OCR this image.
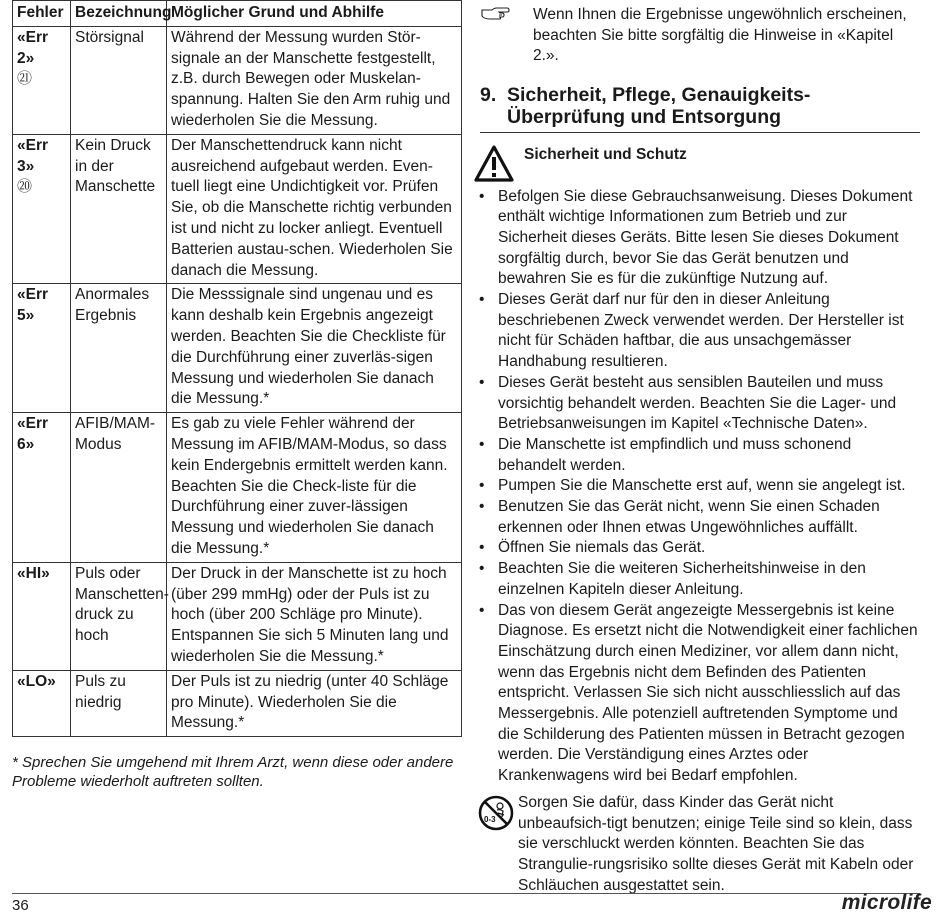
Fehler	Bezeichnung	Möglicher Grund und Abhilfe

«Err 2»
㉑	Störsignal	Während der Messung wurden Stör-signale an der Manschette festgestellt, z.B. durch Bewegen oder Muskelan-spannung. Halten Sie den Arm ruhig und wiederholen Sie die Messung.

«Err 3»
⑳	Kein Druck in der Manschette	Der Manschettendruck kann nicht ausreichend aufgebaut werden. Even-tuell liegt eine Undichtigkeit vor. Prüfen Sie, ob die Manschette richtig verbunden ist und nicht zu locker anliegt. Eventuell Batterien austau-schen. Wiederholen Sie danach die Messung.

«Err 5»	Anormales Ergebnis	Die Messsignale sind ungenau und es kann deshalb kein Ergebnis angezeigt werden. Beachten Sie die Checkliste für die Durchführung einer zuverläs-sigen Messung und wiederholen Sie danach die Messung.*

«Err 6»	AFIB/MAM-Modus	Es gab zu viele Fehler während der Messung im AFIB/MAM-Modus, so dass kein Endergebnis ermittelt werden kann. Beachten Sie die Check-liste für die Durchführung einer zuver-lässigen Messung und wiederholen Sie danach die Messung.*

«HI»	Puls oder Manschetten-druck zu hoch	Der Druck in der Manschette ist zu hoch (über 299 mmHg) oder der Puls ist zu hoch (über 200 Schläge pro Minute). Entspannen Sie sich 5 Minuten lang und wiederholen Sie die Messung.*

«LO»	Puls zu niedrig	Der Puls ist zu niedrig (unter 40 Schläge pro Minute). Wiederholen Sie die Messung.*
* Sprechen Sie umgehend mit Ihrem Arzt, wenn diese oder andere Probleme wiederholt auftreten sollten.
Wenn Ihnen die Ergebnisse ungewöhnlich erscheinen, beachten Sie bitte sorgfältig die Hinweise in «Kapitel 2.».
9. Sicherheit, Pflege, Genauigkeits-Überprüfung und Entsorgung
Sicherheit und Schutz
• Befolgen Sie diese Gebrauchsanweisung. Dieses Dokument enthält wichtige Informationen zum Betrieb und zur Sicherheit dieses Geräts. Bitte lesen Sie dieses Dokument sorgfältig durch, bevor Sie das Gerät benutzen und bewahren Sie es für die zukünftige Nutzung auf.
• Dieses Gerät darf nur für den in dieser Anleitung beschriebenen Zweck verwendet werden. Der Hersteller ist nicht für Schäden haftbar, die aus unsachgemässer Handhabung resultieren.
• Dieses Gerät besteht aus sensiblen Bauteilen und muss vorsichtig behandelt werden. Beachten Sie die Lager- und Betriebsanweisungen im Kapitel «Technische Daten».
• Die Manschette ist empfindlich und muss schonend behandelt werden.
• Pumpen Sie die Manschette erst auf, wenn sie angelegt ist.
• Benutzen Sie das Gerät nicht, wenn Sie einen Schaden erkennen oder Ihnen etwas Ungewöhnliches auffällt.
• Öffnen Sie niemals das Gerät.
• Beachten Sie die weiteren Sicherheitshinweise in den einzelnen Kapiteln dieser Anleitung.
• Das von diesem Gerät angezeigte Messergebnis ist keine Diagnose. Es ersetzt nicht die Notwendigkeit einer fachlichen Einschätzung durch einen Mediziner, vor allem dann nicht, wenn das Ergebnis nicht dem Befinden des Patienten entspricht. Verlassen Sie sich nicht ausschliesslich auf das Messergebnis. Alle potenziell auftretenden Symptome und die Schilderung des Patienten müssen in Betracht gezogen werden. Die Verständigung eines Arztes oder Krankenwagens wird bei Bedarf empfohlen.
0-3
Sorgen Sie dafür, dass Kinder das Gerät nicht unbeaufsich-tigt benutzen; einige Teile sind so klein, dass sie verschluckt werden könnten. Beachten Sie das Strangulie-rungsrisiko sollte dieses Gerät mit Kabeln oder Schläuchen ausgestattet sein.
36	microlife
